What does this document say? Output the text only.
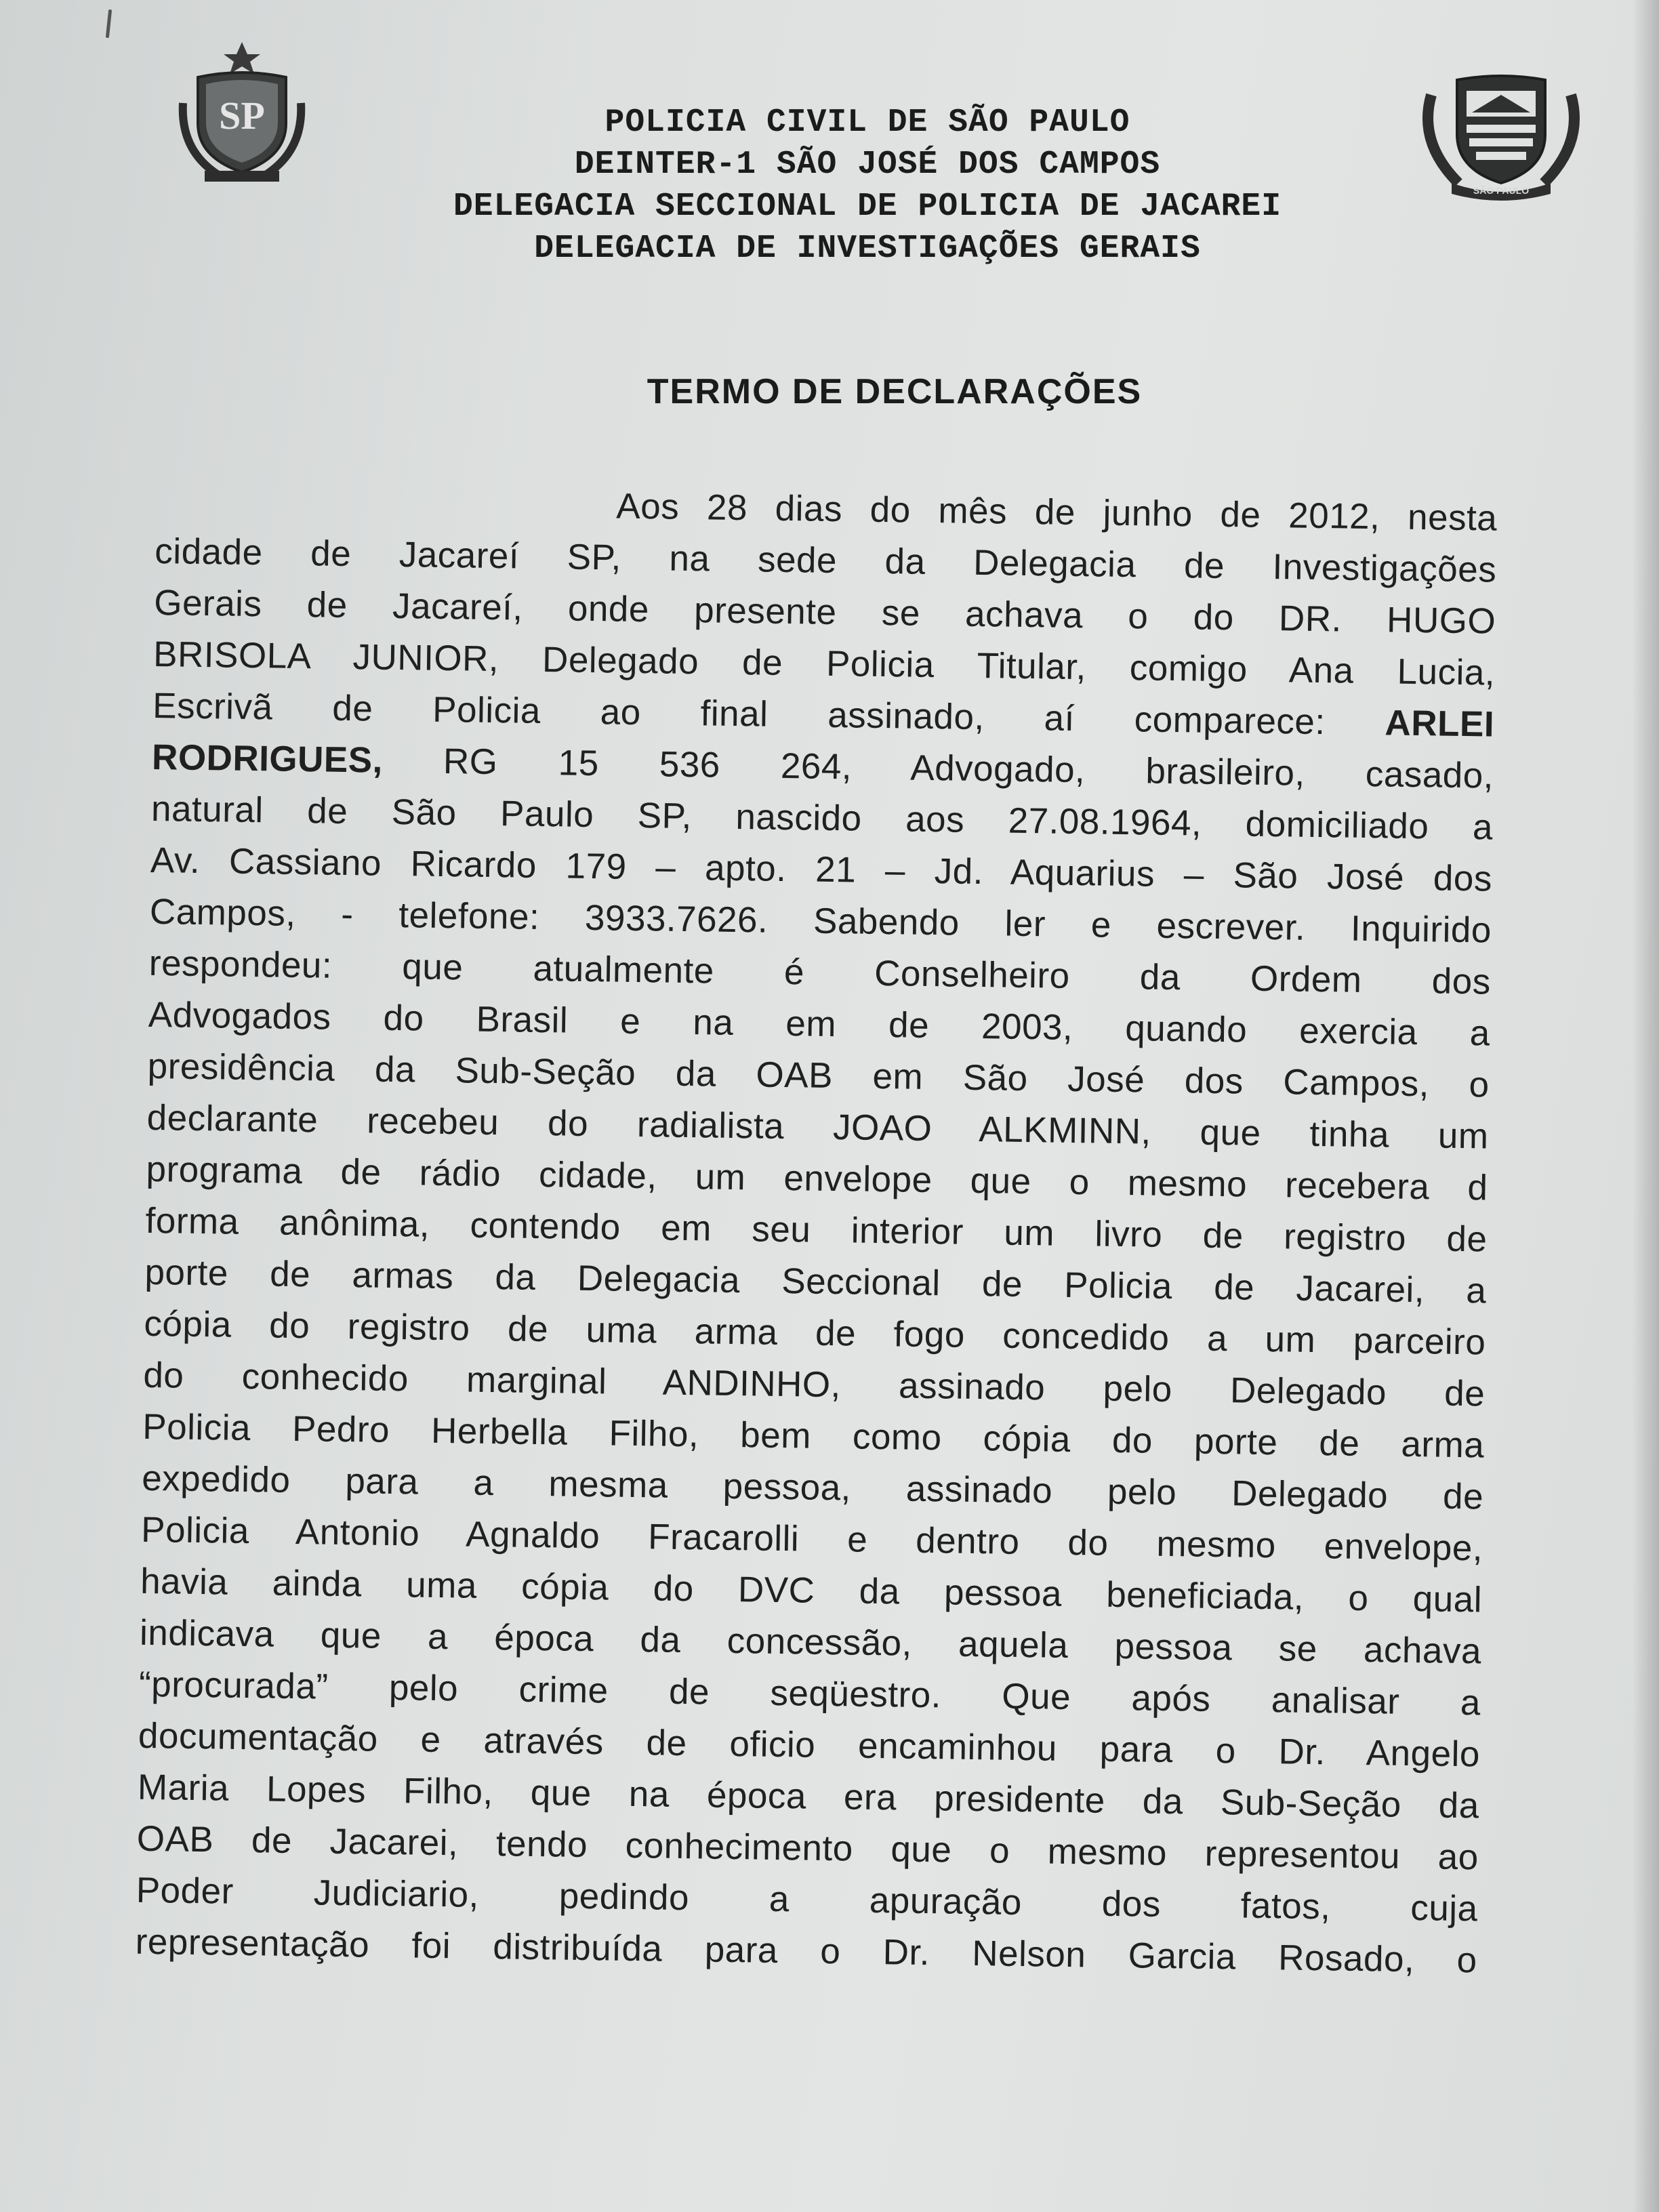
SP
SÃO PAULO
POLICIA CIVIL DE SÃO PAULO
DEINTER-1 SÃO JOSÉ DOS CAMPOS
DELEGACIA SECCIONAL DE POLICIA DE JACAREI
DELEGACIA DE INVESTIGAÇÕES GERAIS
TERMO DE DECLARAÇÕES
Aos 28 dias do mês de junho de 2012, nesta
cidade de Jacareí SP, na sede da Delegacia de Investigações
Gerais de Jacareí, onde presente se achava o do DR. HUGO
BRISOLA JUNIOR, Delegado de Policia Titular, comigo Ana Lucia,
Escrivã de Policia ao final assinado, aí comparece: ARLEI
RODRIGUES, RG 15 536 264, Advogado, brasileiro, casado,
natural de São Paulo SP, nascido aos 27.08.1964, domiciliado a
Av. Cassiano Ricardo 179 – apto. 21 – Jd. Aquarius – São José dos
Campos, - telefone: 3933.7626. Sabendo ler e escrever. Inquirido
respondeu: que atualmente é Conselheiro da Ordem dos
Advogados do Brasil e na em de 2003, quando exercia a
presidência da Sub-Seção da OAB em São José dos Campos, o
declarante recebeu do radialista JOAO ALKMINN, que tinha um
programa de rádio cidade, um envelope que o mesmo recebera d
forma anônima, contendo em seu interior um livro de registro de
porte de armas da Delegacia Seccional de Policia de Jacarei, a
cópia do registro de uma arma de fogo concedido a um parceiro
do conhecido marginal ANDINHO, assinado pelo Delegado de
Policia Pedro Herbella Filho, bem como cópia do porte de arma
expedido para a mesma pessoa, assinado pelo Delegado de
Policia Antonio Agnaldo Fracarolli e dentro do mesmo envelope,
havia ainda uma cópia do DVC da pessoa beneficiada, o qual
indicava que a época da concessão, aquela pessoa se achava
“procurada” pelo crime de seqüestro. Que após analisar a
documentação e através de oficio encaminhou para o Dr. Angelo
Maria Lopes Filho, que na época era presidente da Sub-Seção da
OAB de Jacarei, tendo conhecimento que o mesmo representou ao
Poder Judiciario, pedindo a apuração dos fatos, cuja
representação foi distribuída para o Dr. Nelson Garcia Rosado, o
